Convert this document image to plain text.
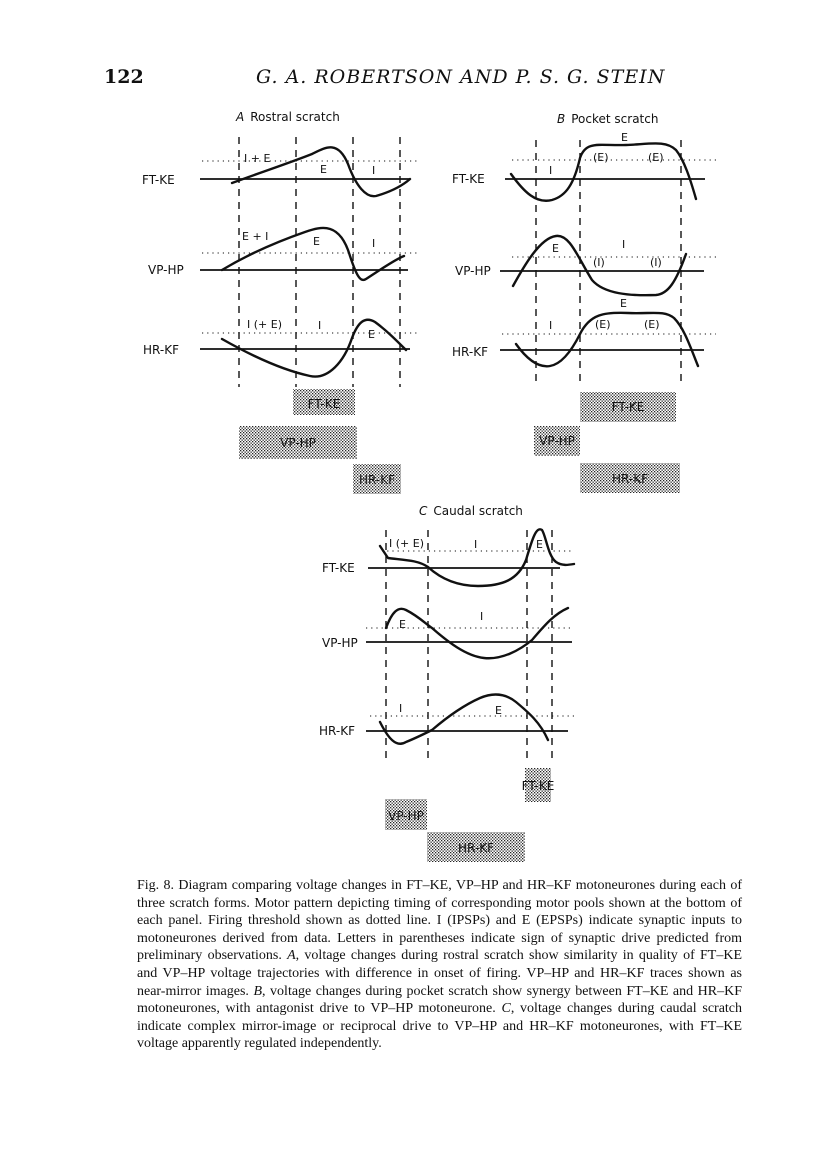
122	G. A. ROBERTSON AND P. S. G. STEIN
A Rostral scratch
FT-KE
I + E
E	I
VP-HP
E + I	E	I
HR-KF
I (+ E)	I
E
FT-KE
VP-HP
HR-KF
B Pocket scratch
FT-KE
E
(E)	(E)
I
VP-HP
E	I
(I)	(I)
HR-KF
E
I	(E)	(E)
FT-KE
VP-HP
HR-KF
C Caudal scratch
FT-KE
I (+ E)	I	E
VP-HP
E
I
HR-KF
I	E
FT-KE
VP-HP
HR-KF
Fig. 8. Diagram comparing voltage changes in FT–KE, VP–HP and HR–KF motoneurones during each of three scratch forms. Motor pattern depicting timing of corresponding motor pools shown at the bottom of each panel. Firing threshold shown as dotted line. I (IPSPs) and E (EPSPs) indicate synaptic inputs to motoneurones derived from data. Letters in parentheses indicate sign of synaptic drive predicted from preliminary observations. A, voltage changes during rostral scratch show similarity in quality of FT–KE and VP–HP voltage trajectories with difference in onset of firing. VP–HP and HR–KF traces shown as near-mirror images. B, voltage changes during pocket scratch show synergy between FT–KE and HR–KF motoneurones, with antagonist drive to VP–HP motoneurone. C, voltage changes during caudal scratch indicate complex mirror-image or reciprocal drive to VP–HP and HR–KF motoneurones, with FT–KE voltage apparently regulated independently.
